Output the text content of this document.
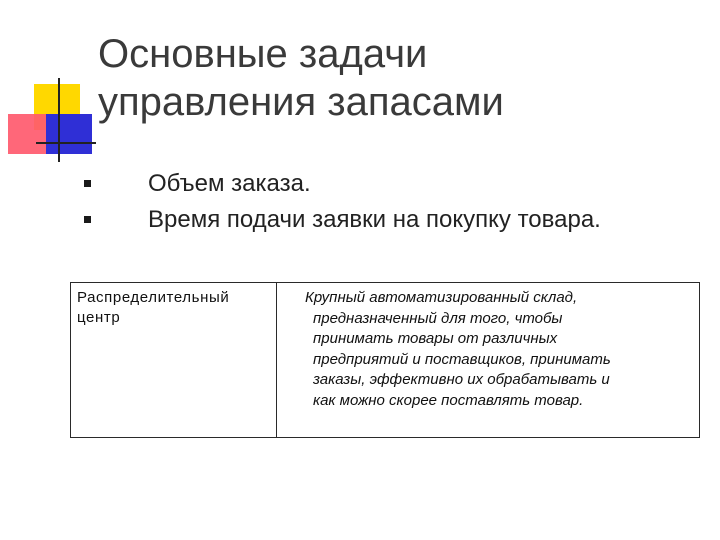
Основные задачи
управления запасами
Объем заказа.
Время подачи заявки на покупку товара.
Распределительный
центр
Крупный автоматизированный склад,
предназначенный для того, чтобы
принимать товары от различных
предприятий и поставщиков, принимать
заказы, эффективно их обрабатывать и
как можно скорее поставлять товар.
